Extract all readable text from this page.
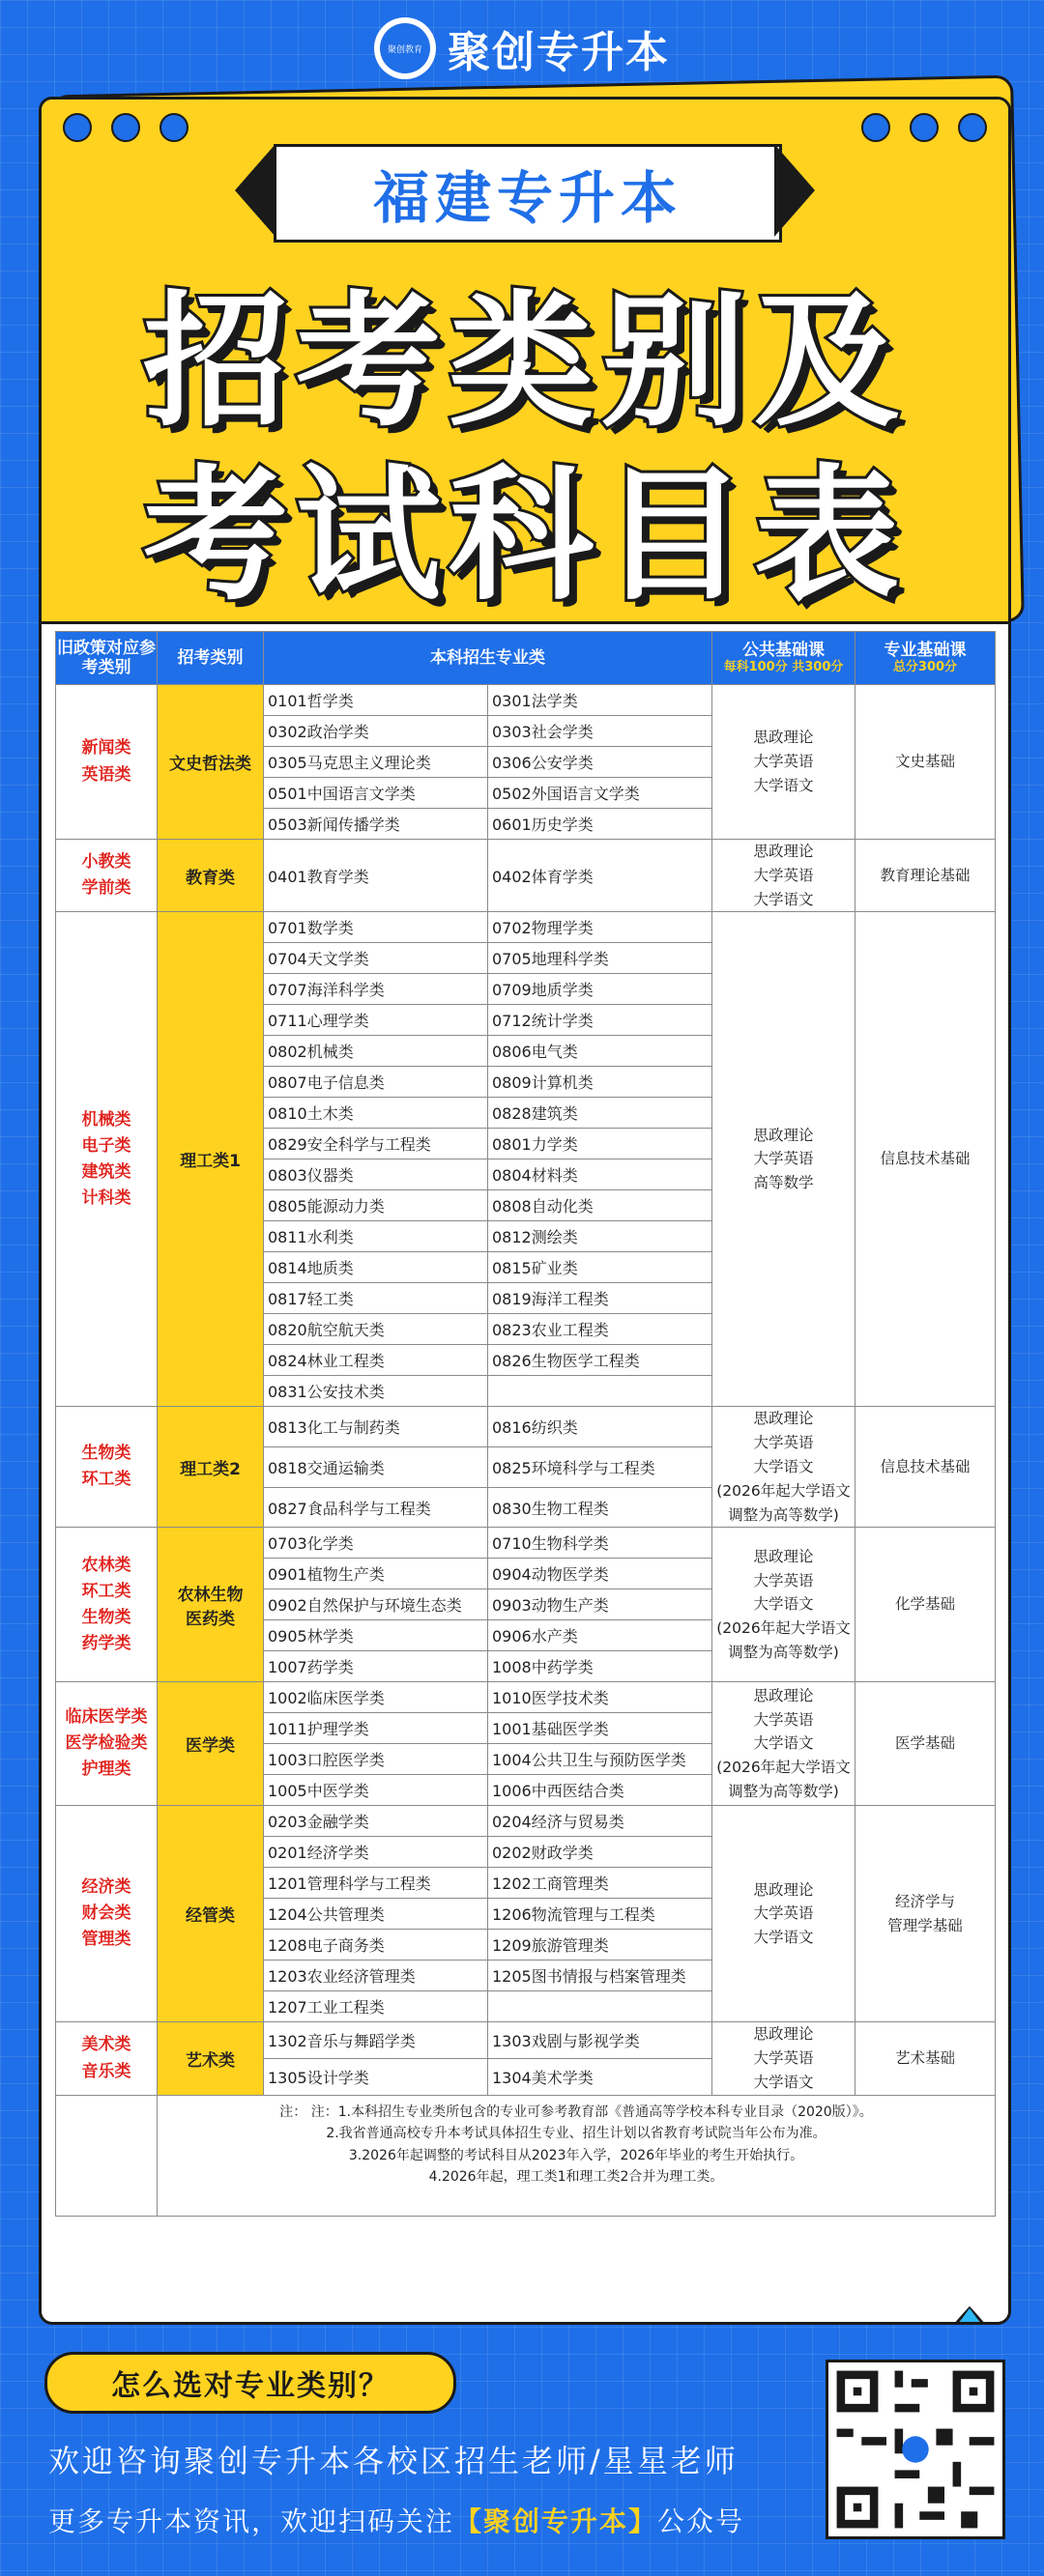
聚创教育 聚创专升本
福建专升本
招考类别及
考试科目表
旧政策对应参考类别	招考类别	本科招生专业类		公共基础课
每科100分 共300分	专业基础课
总分300分

新闻类
英语类	文史哲法类	0101哲学类	0301法学类	思政理论
大学英语
大学语文	文史基础
		0302政治学类	0303社会学类		
		0305马克思主义理论类	0306公安学类		
		0501中国语言文学类	0502外国语言文学类		
		0503新闻传播学类	0601历史学类		
小教类
学前类	教育类	0401教育学类	0402体育学类	思政理论
大学英语
大学语文	教育理论基础
机械类
电子类
建筑类
计科类	理工类1	0701数学类	0702物理学类	思政理论
大学英语
高等数学	信息技术基础
		0704天文学类	0705地理科学类		
		0707海洋科学类	0709地质学类		
		0711心理学类	0712统计学类		
		0802机械类	0806电气类		
		0807电子信息类	0809计算机类		
		0810土木类	0828建筑类		
		0829安全科学与工程类	0801力学类		
		0803仪器类	0804材料类		
		0805能源动力类	0808自动化类		
		0811水利类	0812测绘类		
		0814地质类	0815矿业类		
		0817轻工类	0819海洋工程类		
		0820航空航天类	0823农业工程类		
		0824林业工程类	0826生物医学工程类		
		0831公安技术类			
生物类
环工类	理工类2	0813化工与制药类	0816纺织类	思政理论
大学英语
大学语文
(2026年起大学语文
调整为高等数学)	信息技术基础
		0818交通运输类	0825环境科学与工程类		
		0827食品科学与工程类	0830生物工程类		
农林类
环工类
生物类
药学类	农林生物
医药类	0703化学类	0710生物科学类	思政理论
大学英语
大学语文
(2026年起大学语文
调整为高等数学)	化学基础
		0901植物生产类	0904动物医学类		
		0902自然保护与环境生态类	0903动物生产类		
		0905林学类	0906水产类		
		1007药学类	1008中药学类		
临床医学类
医学检验类
护理类	医学类	1002临床医学类	1010医学技术类	思政理论
大学英语
大学语文
(2026年起大学语文
调整为高等数学)	医学基础
		1011护理学类	1001基础医学类		
		1003口腔医学类	1004公共卫生与预防医学类		
		1005中医学类	1006中西医结合类		
经济类
财会类
管理类	经管类	0203金融学类	0204经济与贸易类	思政理论
大学英语
大学语文	经济学与
管理学基础
		0201经济学类	0202财政学类		
		1201管理科学与工程类	1202工商管理类		
		1204公共管理类	1206物流管理与工程类		
		1208电子商务类	1209旅游管理类		
		1203农业经济管理类	1205图书情报与档案管理类		
		1207工业工程类			
美术类
音乐类	艺术类	1302音乐与舞蹈学类	1303戏剧与影视学类	思政理论
大学英语
大学语文	艺术基础
		1305设计学类	1304美术学类		

	注： 注：1.本科招生专业类所包含的专业可参考教育部《普通高等学校本科专业目录（2020版）》。
2.我省普通高校专升本考试具体招生专业、招生计划以省教育考试院当年公布为准。
3.2026年起调整的考试科目从2023年入学，2026年毕业的考生开始执行。
4.2026年起，理工类1和理工类2合并为理工类。				
怎么选对专业类别？
欢迎咨询聚创专升本各校区招生老师/星星老师
更多专升本资讯，欢迎扫码关注【聚创专升本】公众号
